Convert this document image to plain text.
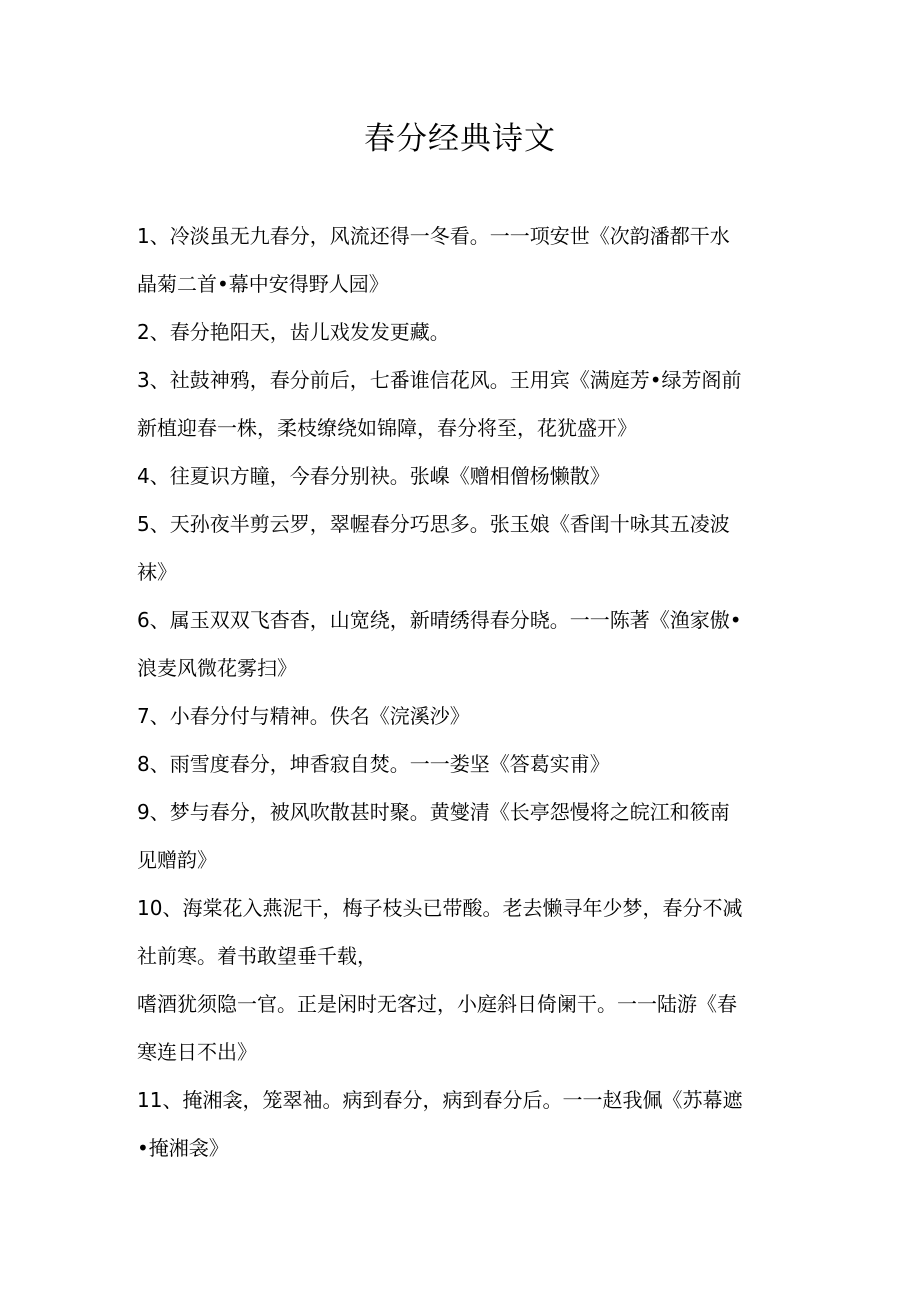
春分经典诗文

1、冷淡虽无九春分，风流还得一冬看。一一项安世《次韵潘都干水

晶菊二首•幕中安得野人园》

2、春分艳阳天，齿儿戏发发更藏。

3、社鼓神鸦，春分前后，七番谁信花风。王用宾《满庭芳•绿芳阁前

新植迎春一株，柔枝缭绕如锦障，春分将至，花犹盛开》

4、往夏识方瞳，今春分别袂。张嵲《赠相僧杨懒散》

5、天孙夜半剪云罗，翠幄春分巧思多。张玉娘《香闺十咏其五凌波

袜》

6、属玉双双飞杳杳，山宽绕，新晴绣得春分晓。一一陈著《渔家傲•

浪麦风微花雾扫》

7、小春分付与精神。佚名《浣溪沙》

8、雨雪度春分，坤香寂自焚。一一娄坚《答葛实甫》

9、梦与春分，被风吹散甚时聚。黄燮清《长亭怨慢将之皖江和筱南

见赠韵》

10、海棠花入燕泥干，梅子枝头已带酸。老去懒寻年少梦，春分不减

社前寒。着书敢望垂千载，

嗜酒犹须隐一官。正是闲时无客过，小庭斜日倚阑干。一一陆游《春

寒连日不出》

11、掩湘衾，笼翠袖。病到春分，病到春分后。一一赵我佩《苏幕遮

•掩湘衾》
